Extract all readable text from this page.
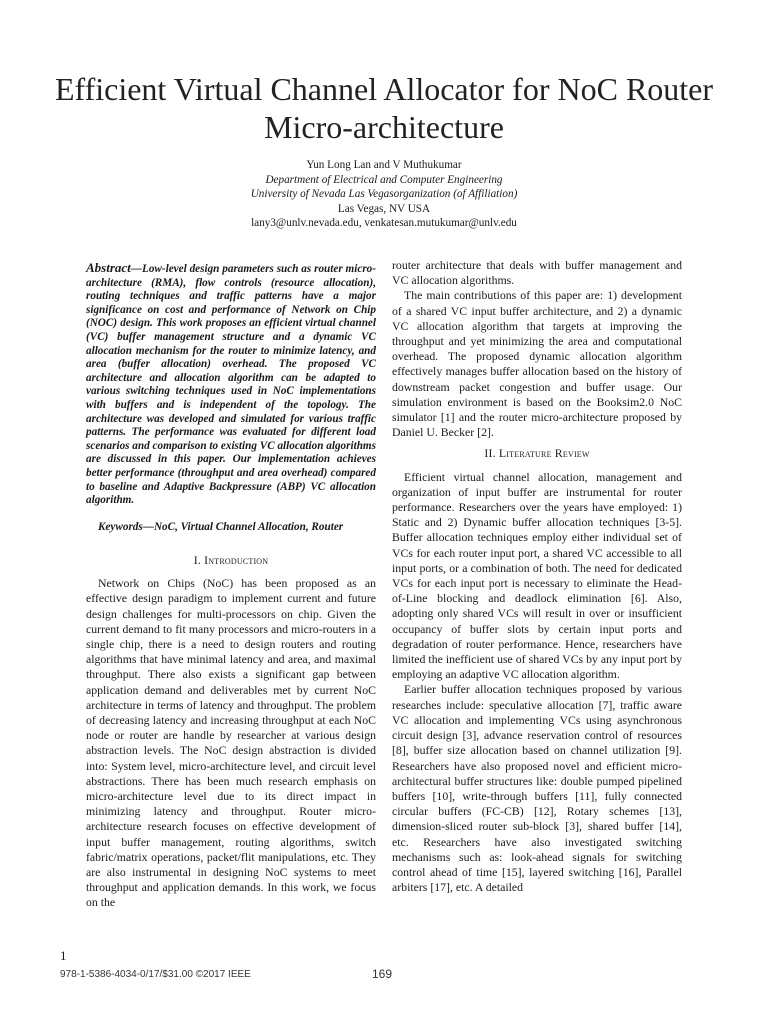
Efficient Virtual Channel Allocator for NoC Router
Micro-architecture
Yun Long Lan and V Muthukumar
Department of Electrical and Computer Engineering
University of Nevada Las Vegasorganization (of Affiliation)
Las Vegas, NV USA
lany3@unlv.nevada.edu, venkatesan.mutukumar@unlv.edu

Abstract—Low-level design parameters such as router micro-architecture (RMA), flow controls (resource allocation), routing techniques and traffic patterns have a major significance on cost and performance of Network on Chip (NOC) design. This work proposes an efficient virtual channel (VC) buffer management structure and a dynamic VC allocation mechanism for the router to minimize latency, and area (buffer allocation) overhead. The proposed VC architecture and allocation algorithm can be adapted to various switching techniques used in NoC implementations with buffers and is independent of the topology. The architecture was developed and simulated for various traffic patterns. The performance was evaluated for different load scenarios and comparison to existing VC allocation algorithms are discussed in this paper. Our implementation achieves better performance (throughput and area overhead) compared to baseline and Adaptive Backpressure (ABP) VC allocation algorithm.

Keywords—NoC, Virtual Channel Allocation, Router

I. Introduction

Network on Chips (NoC) has been proposed as an effective design paradigm to implement current and future design challenges for multi-processors on chip. Given the current demand to fit many processors and micro-routers in a single chip, there is a need to design routers and routing algorithms that have minimal latency and area, and maximal throughput. There also exists a significant gap between application demand and deliverables met by current NoC architecture in terms of latency and throughput. The problem of decreasing latency and increasing throughput at each NoC node or router are handle by researcher at various design abstraction levels. The NoC design abstraction is divided into: System level, micro-architecture level, and circuit level abstractions. There has been much research emphasis on micro-architecture level due to its direct impact in minimizing latency and throughput. Router micro-architecture research focuses on effective development of input buffer management, routing algorithms, switch fabric/matrix operations, packet/flit manipulations, etc. They are also instrumental in designing NoC systems to meet throughput and application demands. In this work, we focus on the

router architecture that deals with buffer management and VC allocation algorithms.

The main contributions of this paper are: 1) development of a shared VC input buffer architecture, and 2) a dynamic VC allocation algorithm that targets at improving the throughput and yet minimizing the area and computational overhead. The proposed dynamic allocation algorithm effectively manages buffer allocation based on the history of downstream packet congestion and buffer usage. Our simulation environment is based on the Booksim2.0 NoC simulator [1] and the router micro-architecture proposed by Daniel U. Becker [2].

II. Literature Review

Efficient virtual channel allocation, management and organization of input buffer are instrumental for router performance. Researchers over the years have employed: 1) Static and 2) Dynamic buffer allocation techniques [3-5]. Buffer allocation techniques employ either individual set of VCs for each router input port, a shared VC accessible to all input ports, or a combination of both. The need for dedicated VCs for each input port is necessary to eliminate the Head-of-Line blocking and deadlock elimination [6]. Also, adopting only shared VCs will result in over or insufficient occupancy of buffer slots by certain input ports and degradation of router performance. Hence, researchers have limited the inefficient use of shared VCs by any input port by employing an adaptive VC allocation algorithm.

Earlier buffer allocation techniques proposed by various researches include: speculative allocation [7], traffic aware VC allocation and implementing VCs using asynchronous circuit design [3], advance reservation control of resources [8], buffer size allocation based on channel utilization [9]. Researchers have also proposed novel and efficient micro-architectural buffer structures like: double pumped pipelined buffers [10], write-through buffers [11], fully connected circular buffers (FC-CB) [12], Rotary schemes [13], dimension-sliced router sub-block [3], shared buffer [14], etc. Researchers have also investigated switching mechanisms such as: look-ahead signals for switching control ahead of time [15], layered switching [16], Parallel arbiters [17], etc. A detailed

1
978-1-5386-4034-0/17/$31.00 ©2017 IEEE	169
